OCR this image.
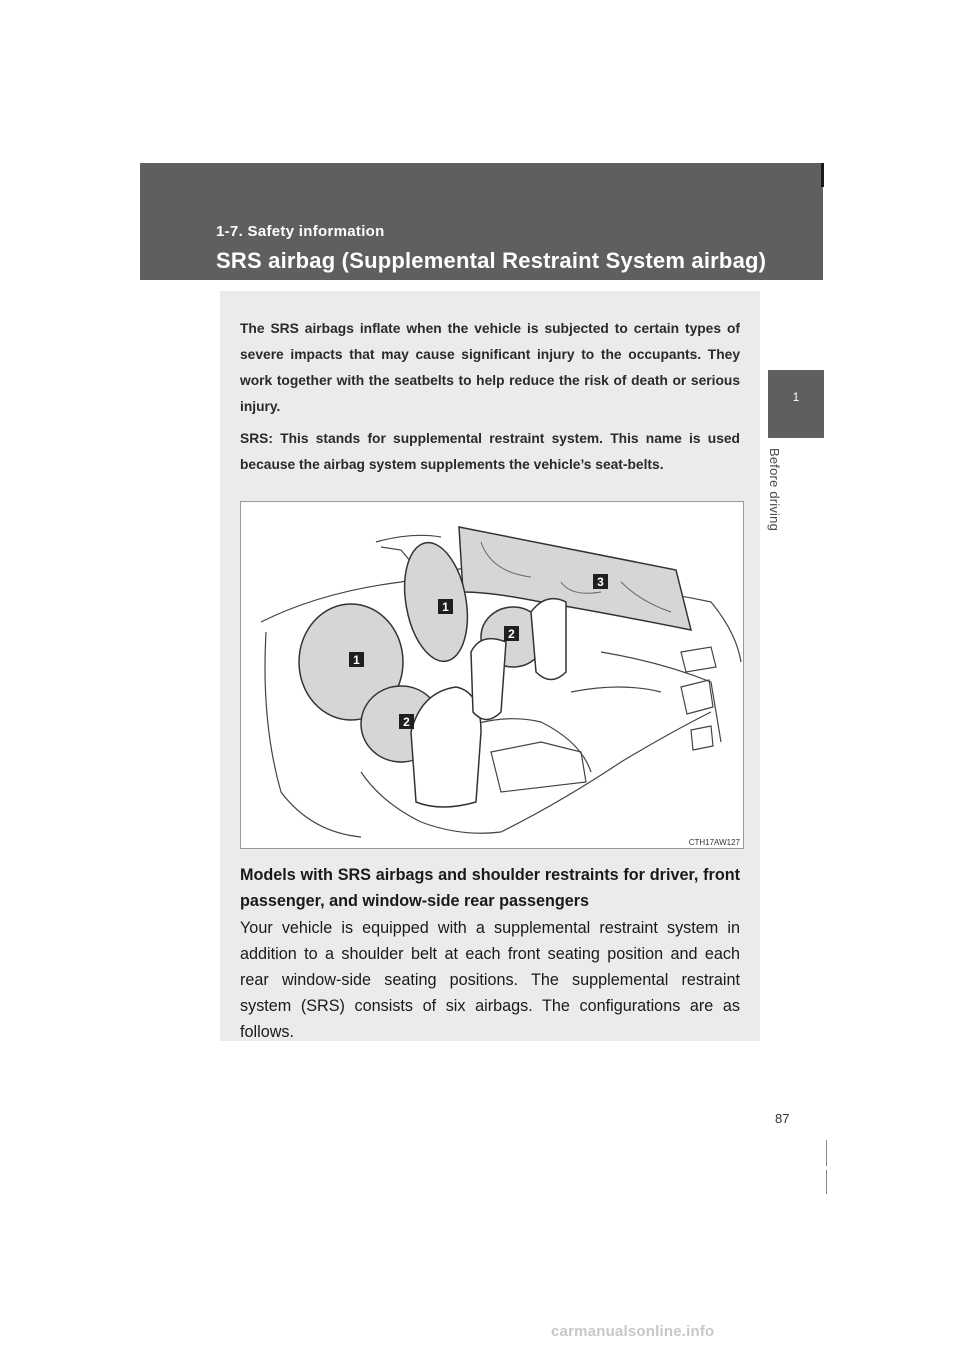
1-7. Safety information
SRS airbag (Supplemental Restraint System airbag)
1
Before driving

The SRS airbags inflate when the vehicle is subjected to certain types of severe impacts that may cause significant injury to the occupants. They work together with the seatbelts to help reduce the risk of death or serious injury.

SRS: This stands for supplemental restraint system. This name is used because the airbag system supplements the vehicle’s seat-belts.

1
1
2
2
3
CTH17AW127
Models with SRS airbags and shoulder restraints for driver, front passenger, and window-side rear passengers
Your vehicle is equipped with a supplemental restraint system in addition to a shoulder belt at each front seating position and each rear window-side seating positions. The supplemental restraint system (SRS) consists of six airbags. The configurations are as follows.
87
carmanualsonline.info
